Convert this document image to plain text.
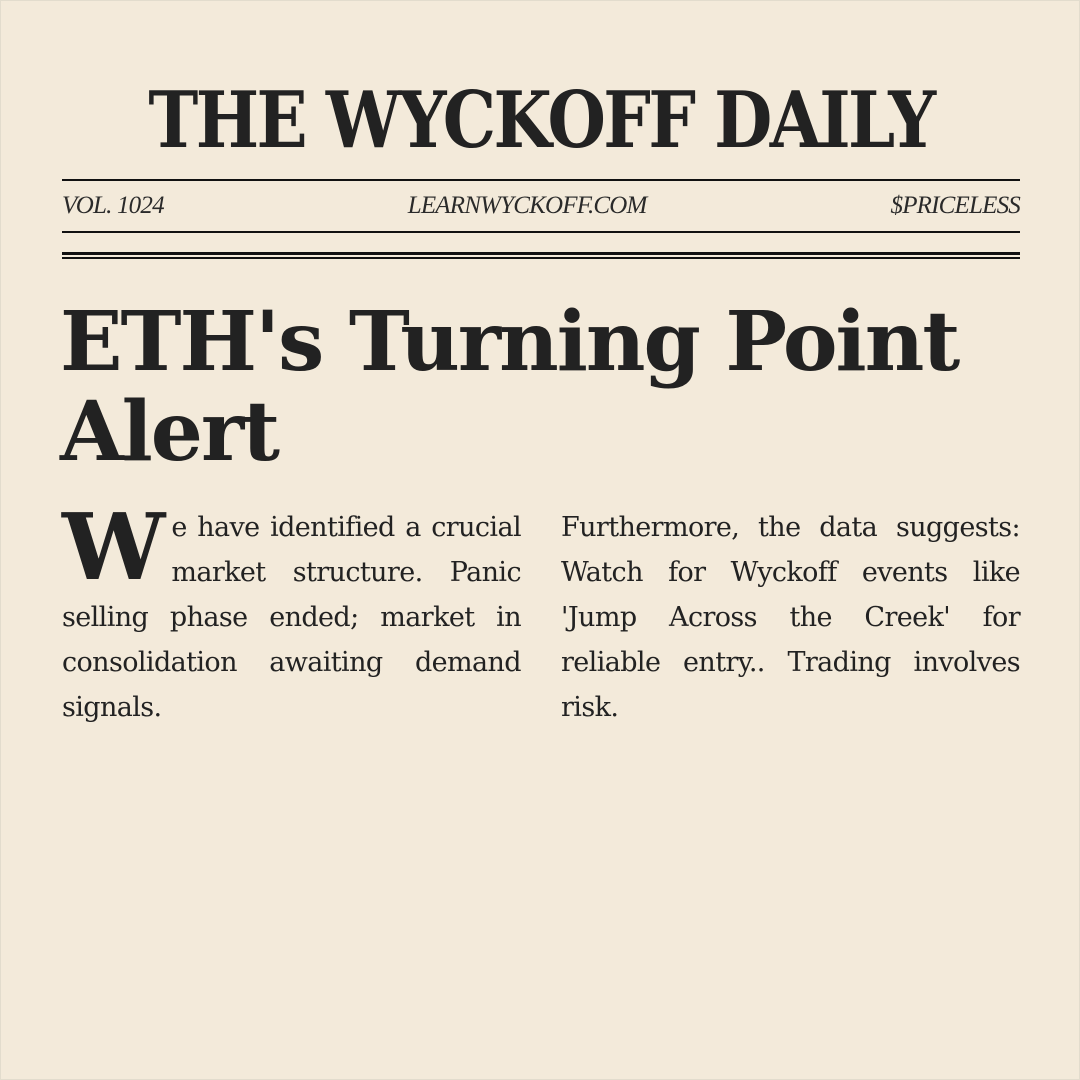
THE WYCKOFF DAILY
VOL. 1024	LEARNWYCKOFF.COM	$PRICELESS
ETH's Turning Point Alert

We have identified a crucial market structure. Panic selling phase ended; market in consolidation awaiting demand signals.

Furthermore, the data suggests: Watch for Wyckoff events like 'Jump Across the Creek' for reliable entry.. Trading involves risk.
